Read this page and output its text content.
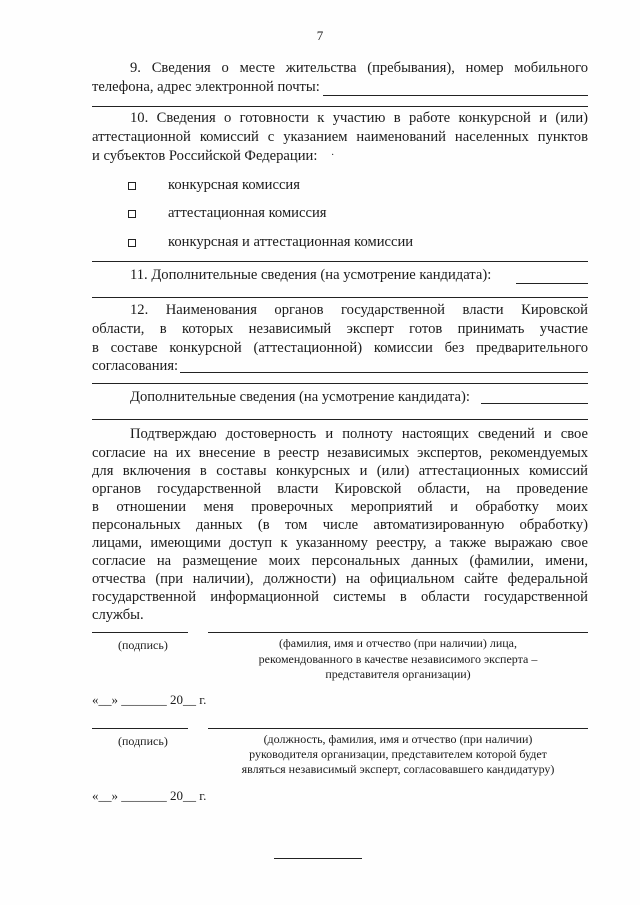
7
9. Сведения о месте жительства (пребывания), номер мобильного
телефона, адрес электронной почты:
10. Сведения о готовности к участию в работе конкурсной и (или)
аттестационной комиссий с указанием наименований населенных пунктов
и субъектов Российской Федерации: ·
конкурсная комиссия
аттестационная комиссия
конкурсная и аттестационная комиссии
11. Дополнительные сведения (на усмотрение кандидата):
12. Наименования органов государственной власти Кировской
области, в которых независимый эксперт готов принимать участие
в составе конкурсной (аттестационной) комиссии без предварительного
согласования:
Дополнительные сведения (на усмотрение кандидата):
Подтверждаю достоверность и полноту настоящих сведений и свое
согласие на их внесение в реестр независимых экспертов, рекомендуемых
для включения в составы конкурсных и (или) аттестационных комиссий
органов государственной власти Кировской области, на проведение
в отношении меня проверочных мероприятий и обработку моих
персональных данных (в том числе автоматизированную обработку)
лицами, имеющими доступ к указанному реестру, а также выражаю свое
согласие на размещение моих персональных данных (фамилии, имени,
отчества (при наличии), должности) на официальном сайте федеральной
государственной информационной системы в области государственной
службы.
(подпись)	(фамилия, имя и отчество (при наличии) лица,
рекомендованного в качестве независимого эксперта –
представителя организации)
«__» _______ 20__ г.
(подпись)	(должность, фамилия, имя и отчество (при наличии)
руководителя организации, представителем которой будет
являться независимый эксперт, согласовавшего кандидатуру)
«__» _______ 20__ г.
